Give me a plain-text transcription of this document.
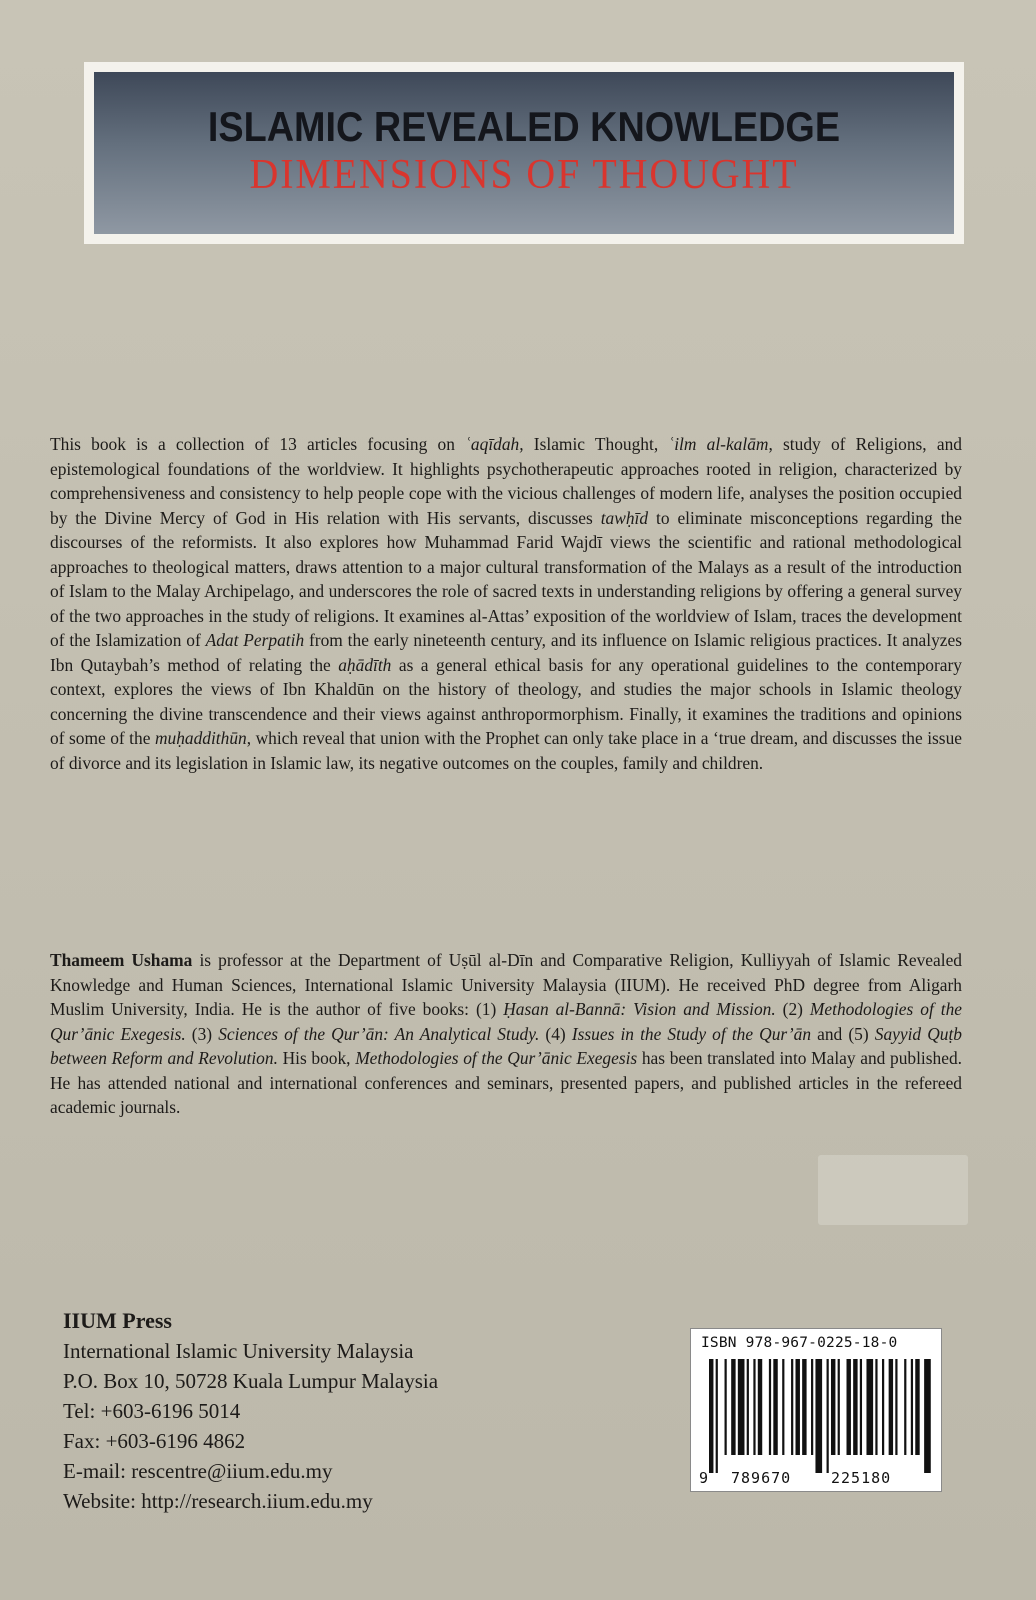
ISLAMIC REVEALED KNOWLEDGE
DIMENSIONS OF THOUGHT

This book is a collection of 13 articles focusing on ʿaqīdah, Islamic Thought, ʿilm al-kalām, study of Religions, and epistemological foundations of the worldview. It highlights psychotherapeutic approaches rooted in religion, characterized by comprehensiveness and consistency to help people cope with the vicious challenges of modern life, analyses the position occupied by the Divine Mercy of God in His relation with His servants, discusses tawḥīd to eliminate misconceptions regarding the discourses of the reformists. It also explores how Muhammad Farid Wajdī views the scientific and rational methodological approaches to theological matters, draws attention to a major cultural transformation of the Malays as a result of the introduction of Islam to the Malay Archipelago, and underscores the role of sacred texts in understanding religions by offering a general survey of the two approaches in the study of religions. It examines al-Attas’ exposition of the worldview of Islam, traces the development of the Islamization of Adat Perpatih from the early nineteenth century, and its influence on Islamic religious practices. It analyzes Ibn Qutaybah’s method of relating the aḥādīth as a general ethical basis for any operational guidelines to the contemporary context, explores the views of Ibn Khaldūn on the history of theology, and studies the major schools in Islamic theology concerning the divine transcendence and their views against anthropormorphism. Finally, it examines the traditions and opinions of some of the muḥaddithūn, which reveal that union with the Prophet can only take place in a ‘true dream, and discusses the issue of divorce and its legislation in Islamic law, its negative outcomes on the couples, family and children.

Thameem Ushama is professor at the Department of Uṣūl al-Dīn and Comparative Religion, Kulliyyah of Islamic Revealed Knowledge and Human Sciences, International Islamic University Malaysia (IIUM). He received PhD degree from Aligarh Muslim University, India. He is the author of five books: (1) Ḥasan al-Bannā: Vision and Mission. (2) Methodologies of the Qur’ānic Exegesis. (3) Sciences of the Qur’ān: An Analytical Study. (4) Issues in the Study of the Qur’ān and (5) Sayyid Quṭb between Reform and Revolution. His book, Methodologies of the Qur’ānic Exegesis has been translated into Malay and published. He has attended national and international conferences and seminars, presented papers, and published articles in the refereed academic journals.

IIUM Press
International Islamic University Malaysia
P.O. Box 10, 50728 Kuala Lumpur Malaysia
Tel: +603-6196 5014
Fax: +603-6196 4862
E-mail: rescentre@iium.edu.my
Website: http://research.iium.edu.my
ISBN 978-967-0225-18-0
9 789670	225180
